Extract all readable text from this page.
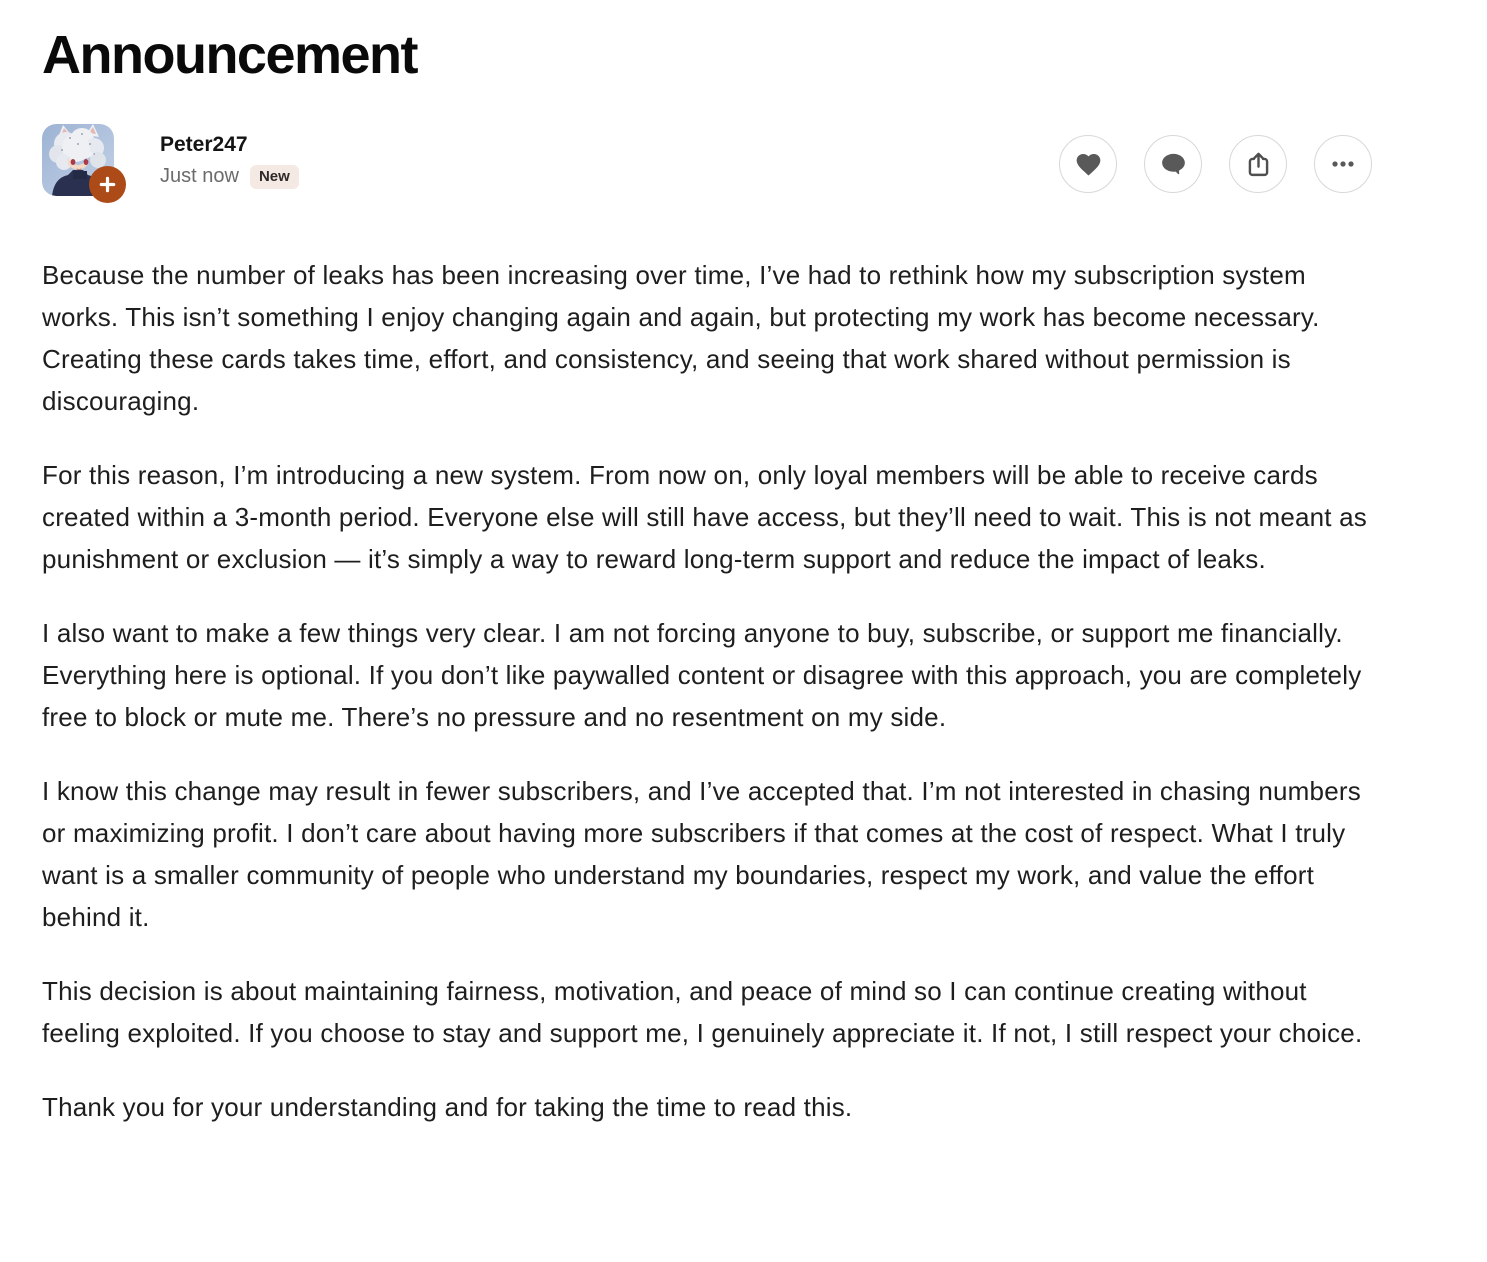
Announcement
Peter247
Just now	New

Because the number of leaks has been increasing over time, I’ve had to rethink how my subscription system works. This isn’t something I enjoy changing again and again, but protecting my work has become necessary. Creating these cards takes time, effort, and consistency, and seeing that work shared without permission is discouraging.

For this reason, I’m introducing a new system. From now on, only loyal members will be able to receive cards created within a 3-month period. Everyone else will still have access, but they’ll need to wait. This is not meant as punishment or exclusion — it’s simply a way to reward long-term support and reduce the impact of leaks.

I also want to make a few things very clear. I am not forcing anyone to buy, subscribe, or support me financially. Everything here is optional. If you don’t like paywalled content or disagree with this approach, you are completely free to block or mute me. There’s no pressure and no resentment on my side.

I know this change may result in fewer subscribers, and I’ve accepted that. I’m not interested in chasing numbers or maximizing profit. I don’t care about having more subscribers if that comes at the cost of respect. What I truly want is a smaller community of people who understand my boundaries, respect my work, and value the effort behind it.

This decision is about maintaining fairness, motivation, and peace of mind so I can continue creating without feeling exploited. If you choose to stay and support me, I genuinely appreciate it. If not, I still respect your choice.

Thank you for your understanding and for taking the time to read this.
